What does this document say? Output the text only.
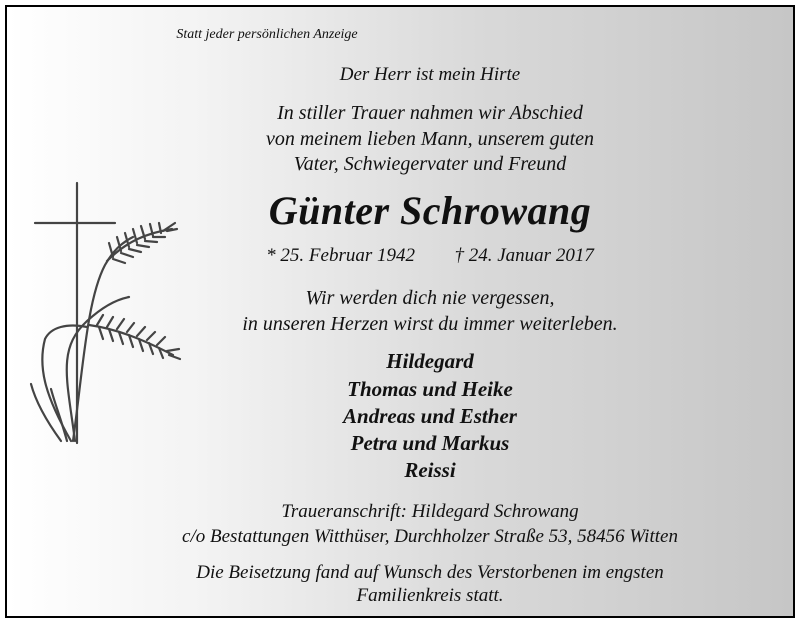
Statt jeder persönlichen Anzeige
Der Herr ist mein Hirte
In stiller Trauer nahmen wir Abschied
von meinem lieben Mann, unserem guten
Vater, Schwiegervater und Freund
Günter Schrowang
* 25. Februar 1942 † 24. Januar 2017
Wir werden dich nie vergessen,
in unseren Herzen wirst du immer weiterleben.
Hildegard
Thomas und Heike
Andreas und Esther
Petra und Markus
Reissi
Traueranschrift: Hildegard Schrowang
c/o Bestattungen Witthüser, Durchholzer Straße 53, 58456 Witten
Die Beisetzung fand auf Wunsch des Verstorbenen im engsten
Familienkreis statt.
